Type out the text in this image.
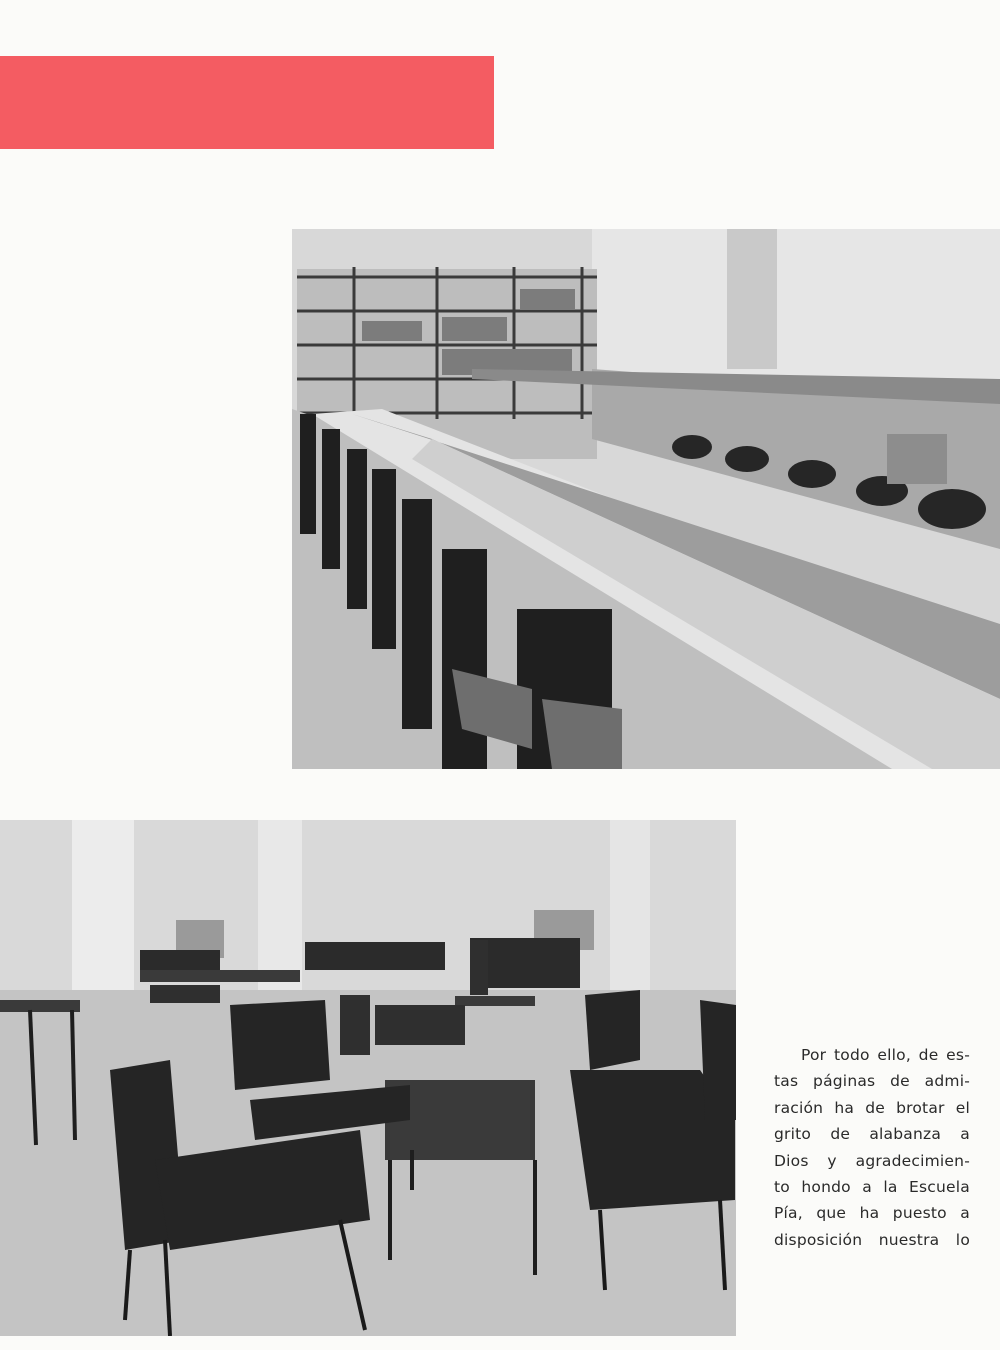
Por todo ello, de es-
tas páginas de admi-
ración ha de brotar el
grito de alabanza a
Dios y agradecimien-
to hondo a la Escuela
Pía, que ha puesto a
disposición nuestra lo
